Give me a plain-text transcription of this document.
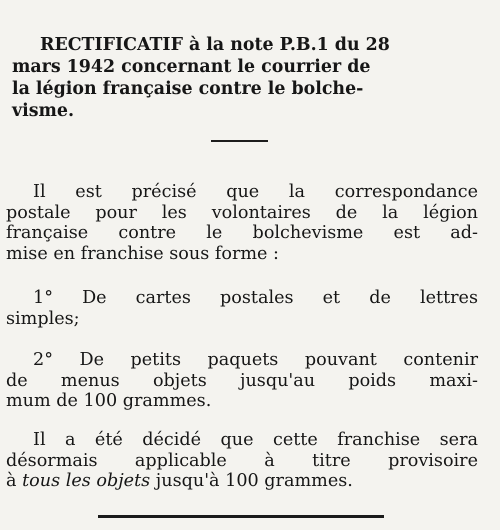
RECTIFICATIF à la note P.B.1 du 28
mars 1942 concernant le courrier de
la légion française contre le bolche-
visme.
Il est précisé que la correspondance
postale pour les volontaires de la légion
française contre le bolchevisme est ad-
mise en franchise sous forme :
1° De cartes postales et de lettres
simples;
2° De petits paquets pouvant contenir
de menus objets jusqu'au poids maxi-
mum de 100 grammes.
Il a été décidé que cette franchise sera
désormais applicable à titre provisoire
à tous les objets jusqu'à 100 grammes.
